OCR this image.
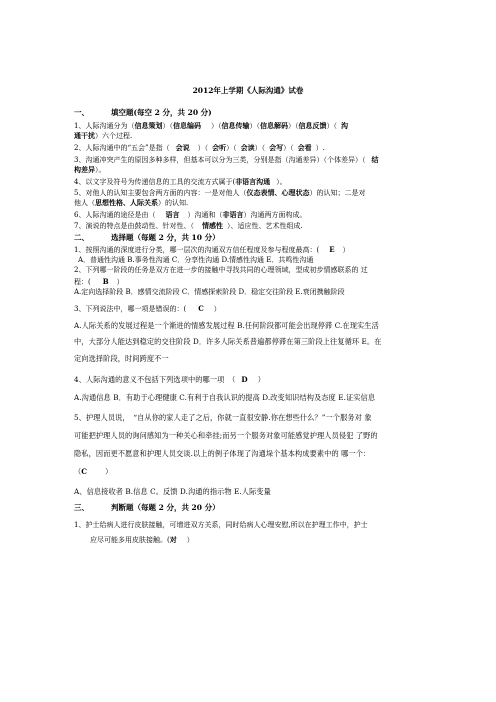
2012年上学期《人际沟通》试卷
一、	填空题(每空 2 分，共 20 分)
1、人际沟通分为（信息策划）（信息编码 ）（信息传输）（信息解码）（信息反馈）（ 沟
通干扰）六个过程.
2、人际沟通中的“五会”是指（ 会说 ）（ 会听）（ 会读）（ 会写）（ 会看 ）.
3、沟通冲突产生的原因多种多样，但基本可以分为三类，分别是指（沟通差异）（个体差异）（ 结
构差异）。
4、以文字及符号为传递信息的工具的交流方式属于(非语言沟通 ）。
5、对他人的认知主要包含两方面的内容：一是对他人（仪态表情、心理状态）的认知；二是对
他人（思想性格、人际关系）的认知.
6、人际沟通的途径是由（ 语言 ）沟通和（非语言）沟通两方面构成。
7、演说的特点是由鼓动性、针对性、（ 情感性 ）、适应性、艺术性组成.
二、	选择题（每题 2 分，共 10 分）
1、按照沟通的深度进行分类，哪一层次的沟通双方信任程度及参与程度最高：( E ）
A．普通性沟通 B.事务性沟通 C．分享性沟通 D.情感性沟通 E．共鸣性沟通
2、下列哪一阶段的任务是双方在进一步的接触中寻找共同的心理领域，型成初步情感联系的 过
程：( B ）
A.定向选择阶段 B．感情交流阶段 C．情感探索阶段 D．稳定交往阶段 E.衰闭携触阶段
3、下列说法中，哪一项是错误的：( C ）
A.人际关系的发展过程是一个渐进的情感发展过程 B.任何阶段都可能会出现停滞 C.在现实生活
中，大部分人能达到稳定的交往阶段 D．许多人际关系普遍都停滞在第三阶段上往复循环 E。在
定向选择阶段，时间跨度不一
4、人际沟通的意义不包括下列选项中的哪一项　（ D ）
A.沟通信息 B．有助于心理健康 C.有利于自我认识的提高 D.改变知识结构及态度 E.证实信息
5、护理人员说，　“自从你的家人走了之后，你就一直很安静.你在想些什么？”一个服务对 象
可能把护理人员的询问感知为一种关心和牵挂;而另一个服务对象可能感觉护理人员侵犯 了野的
隐私，因而更不愿意和护理人员交谈.以上的例子体现了沟通垛个基本构成要素中的 哪一个：
（C	）
A、信息接收者 B.信息 C。反馈 D.沟通的指示物 E.人际变量
三、	判断题（每题 2 分，共 20 分）
1、护士给病人进行皮肤接触，可增进双方关系，同时给病人心理安慰,所以在护理工作中，护士
应尽可能多用皮肤接触。(对 ）
